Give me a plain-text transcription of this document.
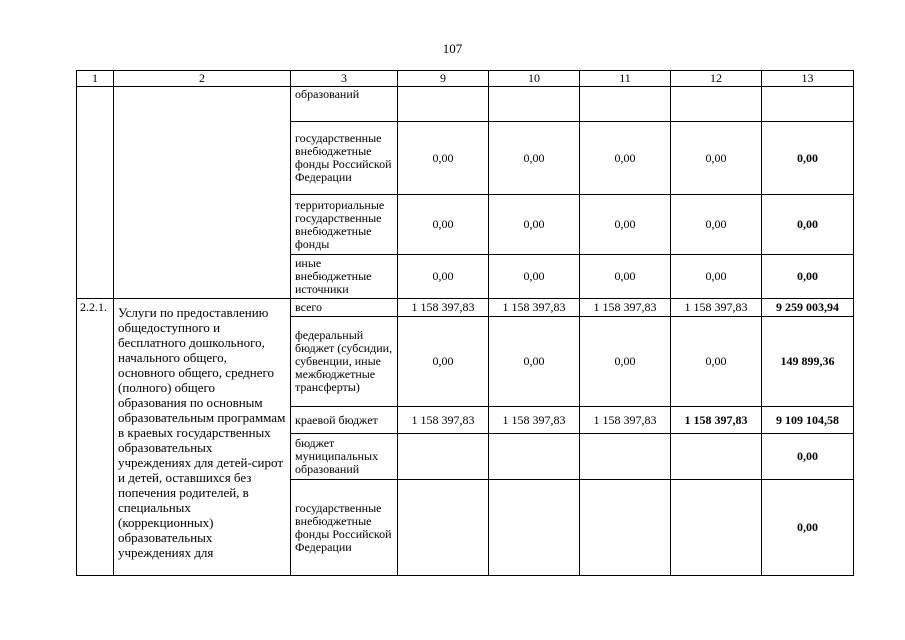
107
1	2	3	9	10	11	12	13
		образований					
		государственные внебюджетные фонды Российской Федерации	0,00	0,00	0,00	0,00	0,00
		территориальные государственные внебюджетные фонды	0,00	0,00	0,00	0,00	0,00
		иные внебюджетные источники	0,00	0,00	0,00	0,00	0,00
2.2.1.	Услуги по предоставлению общедоступного и бесплатного дошкольного, начального общего, основного общего, среднего (полного) общего образования по основным образовательным программам в краевых государственных образовательных учреждениях для детей-сирот и детей, оставшихся без попечения родителей, в специальных (коррекционных) образовательных учреждениях для	всего	1 158 397,83	1 158 397,83	1 158 397,83	1 158 397,83	9 259 003,94
		федеральный бюджет (субсидии, субвенции, иные межбюджетные трансферты)	0,00	0,00	0,00	0,00	149 899,36
		краевой бюджет	1 158 397,83	1 158 397,83	1 158 397,83	1 158 397,83	9 109 104,58
		бюджет муниципальных образований					0,00
		государственные внебюджетные фонды Российской Федерации					0,00
